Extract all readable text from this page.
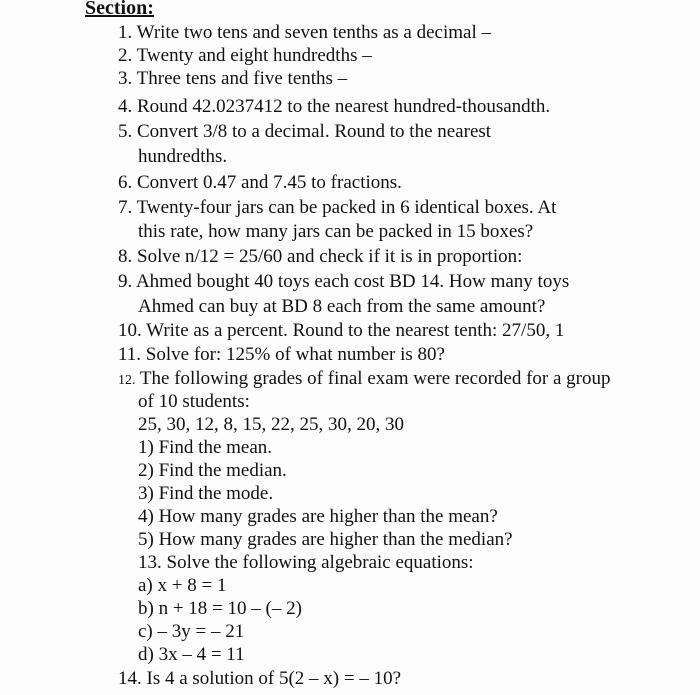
Section:
1. Write two tens and seven tenths as a decimal –
2. Twenty and eight hundredths –
3. Three tens and five tenths –
4. Round 42.0237412 to the nearest hundred-thousandth.
5. Convert 3/8 to a decimal. Round to the nearest
hundredths.
6. Convert 0.47 and 7.45 to fractions.
7. Twenty-four jars can be packed in 6 identical boxes. At
this rate, how many jars can be packed in 15 boxes?
8. Solve n/12 = 25/60 and check if it is in proportion:
9. Ahmed bought 40 toys each cost BD 14. How many toys
Ahmed can buy at BD 8 each from the same amount?
10. Write as a percent. Round to the nearest tenth: 27/50, 1
11. Solve for: 125% of what number is 80?
12. The following grades of final exam were recorded for a group
of 10 students:
25, 30, 12, 8, 15, 22, 25, 30, 20, 30
1) Find the mean.
2) Find the median.
3) Find the mode.
4) How many grades are higher than the mean?
5) How many grades are higher than the median?
13. Solve the following algebraic equations:
a) x + 8 = 1
b) n + 18 = 10 – (– 2)
c) – 3y = – 21
d) 3x – 4 = 11
14. Is 4 a solution of 5(2 – x) = – 10?
